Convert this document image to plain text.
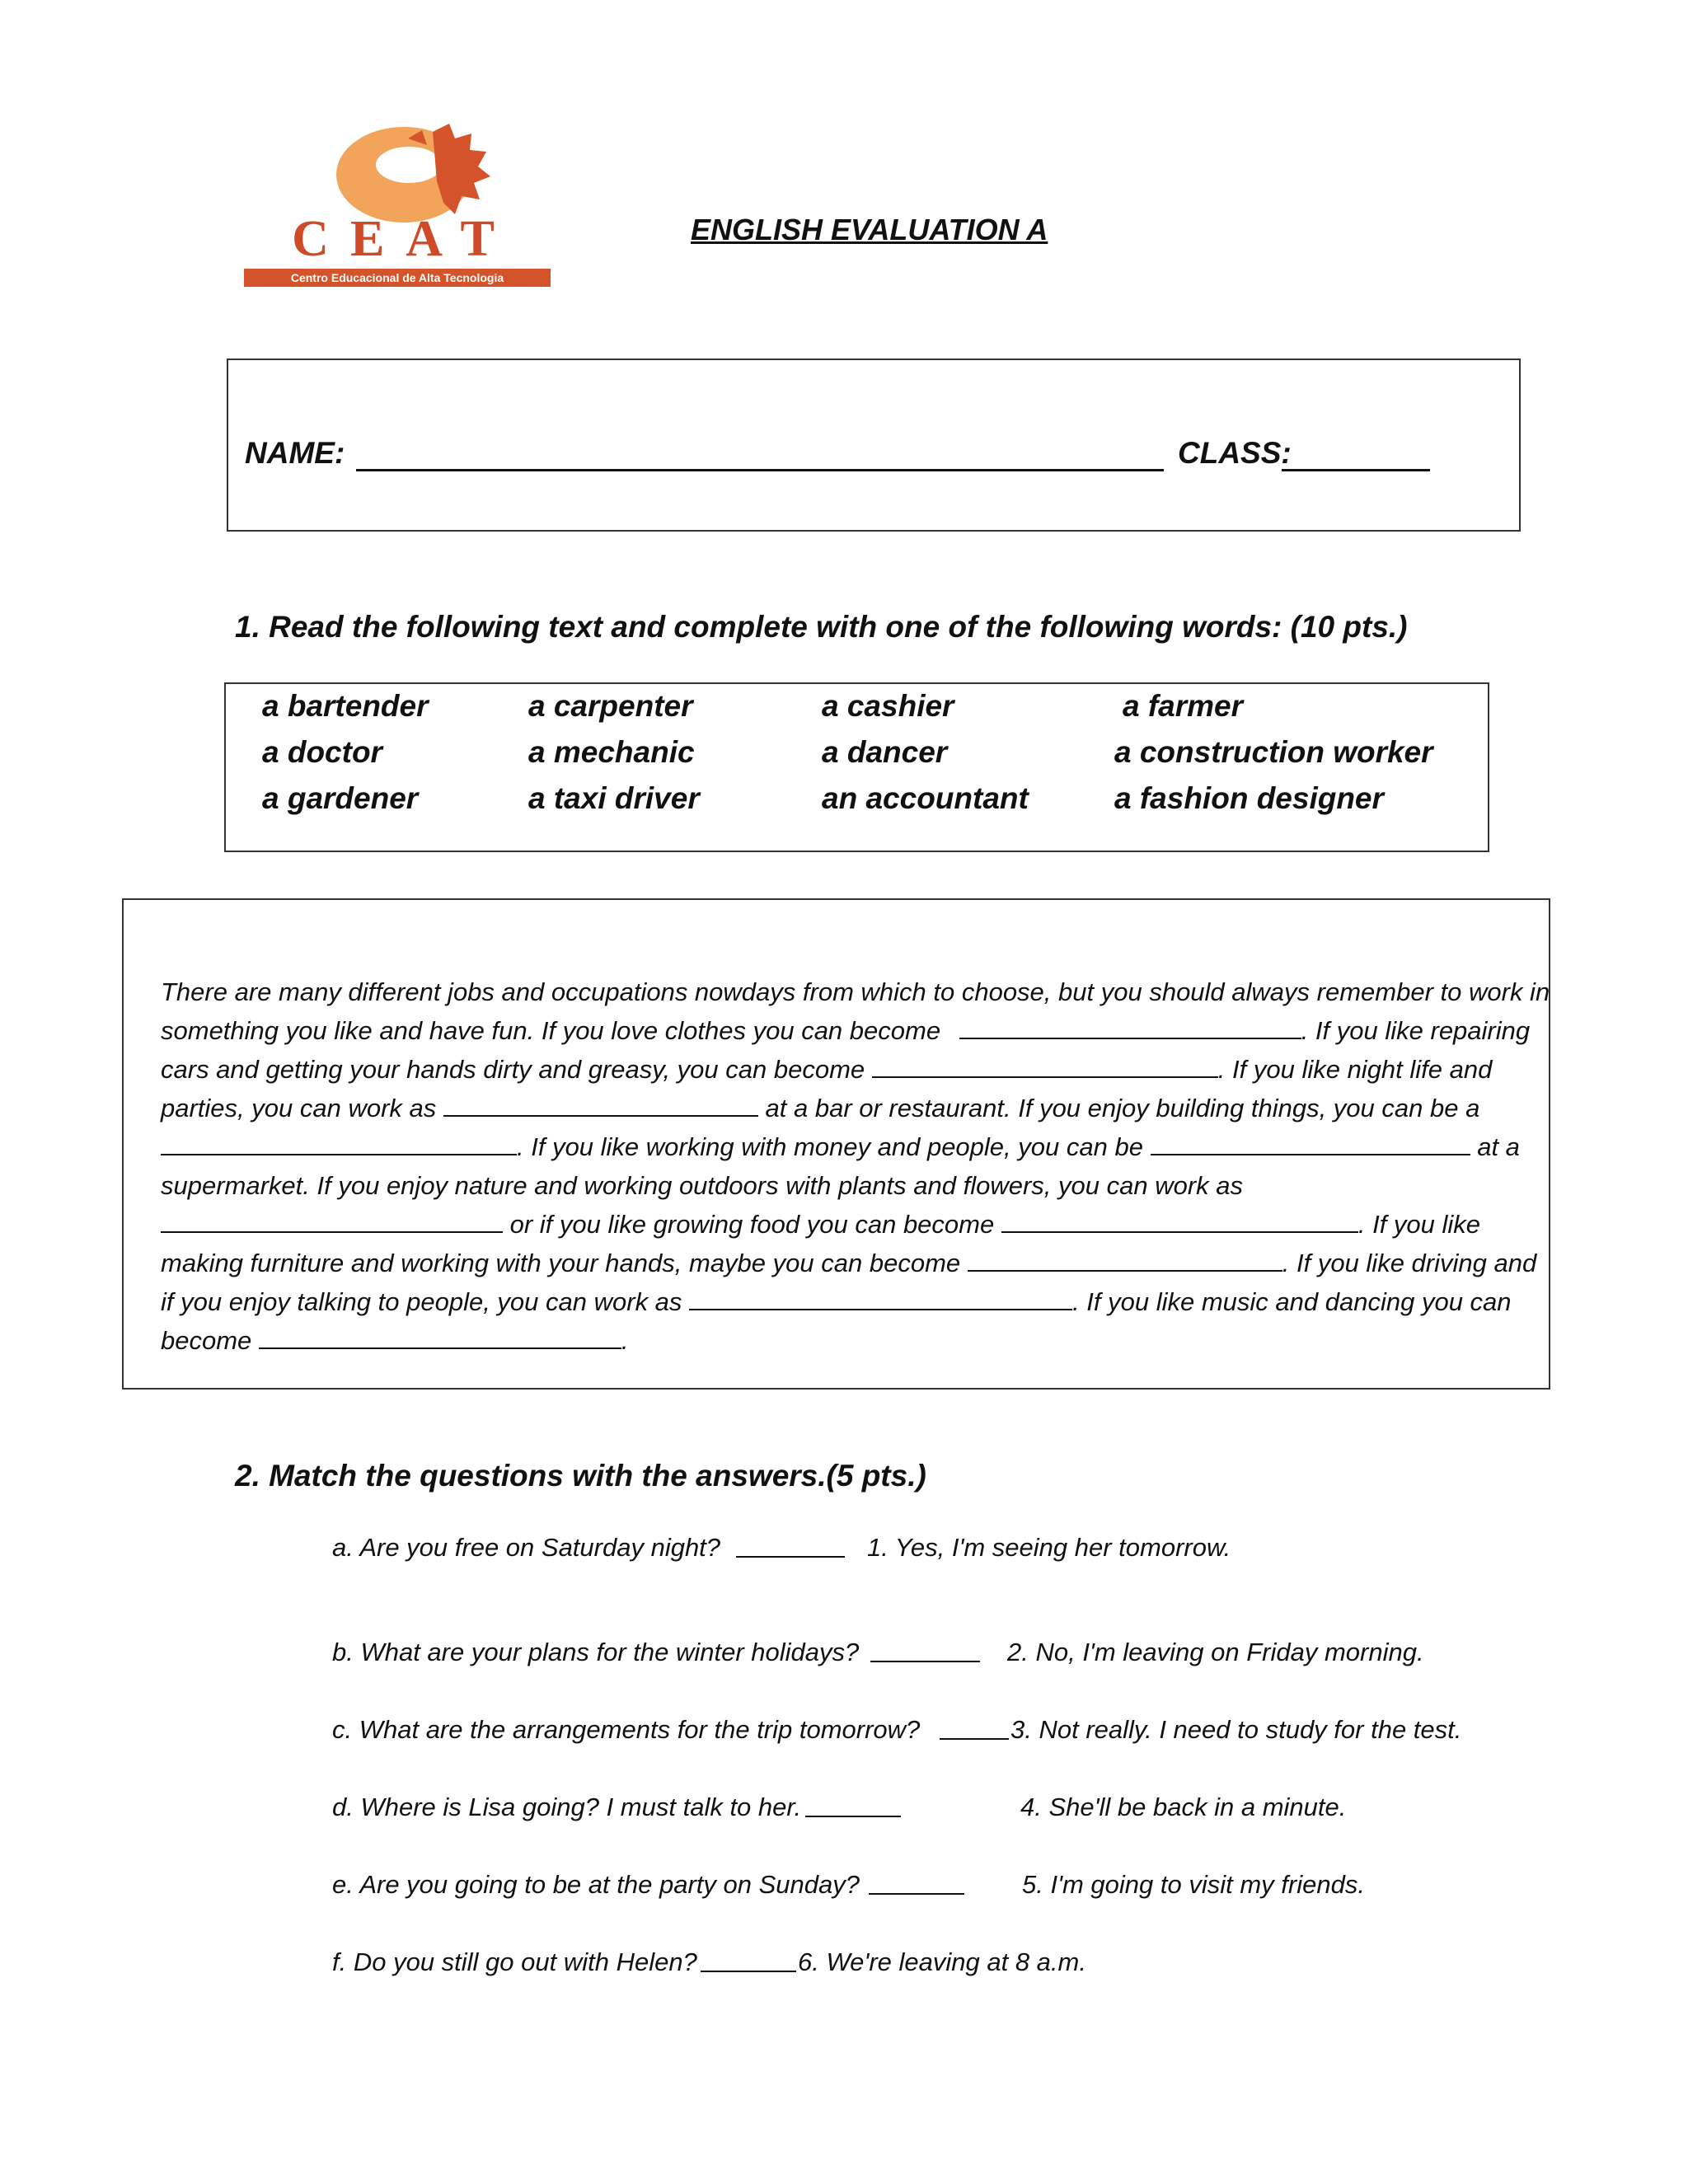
CEAT
Centro Educacional de Alta Tecnologia
ENGLISH EVALUATION A
NAME:	CLASS:
1. Read the following text and complete with one of the following words: (10 pts.)
a bartender	a carpenter	a cashier	a farmer
a doctor	a mechanic	a dancer	a construction worker
a gardener	a taxi driver	an accountant	a fashion designer
There are many different jobs and occupations nowdays from which to choose, but you should always remember to work in
something you like and have fun. If you love clothes you can become	. If you like repairing
cars and getting your hands dirty and greasy, you can become	. If you like night life and
parties, you can work as	at a bar or restaurant. If you enjoy building things, you can be a
. If you like working with money and people, you can be	at a
supermarket. If you enjoy nature and working outdoors with plants and flowers, you can work as
or if you like growing food you can become	. If you like
making furniture and working with your hands, maybe you can become	. If you like driving and
if you enjoy talking to people, you can work as	. If you like music and dancing you can
become	.
2. Match the questions with the answers.(5 pts.)
a. Are you free on Saturday night?	1. Yes, I'm seeing her tomorrow.
b. What are your plans for the winter holidays?	2. No, I'm leaving on Friday morning.
c. What are the arrangements for the trip tomorrow?	3. Not really. I need to study for the test.
d. Where is Lisa going? I must talk to her.	4. She'll be back in a minute.
e. Are you going to be at the party on Sunday?	5. I'm going to visit my friends.
f. Do you still go out with Helen?	6. We're leaving at 8 a.m.
